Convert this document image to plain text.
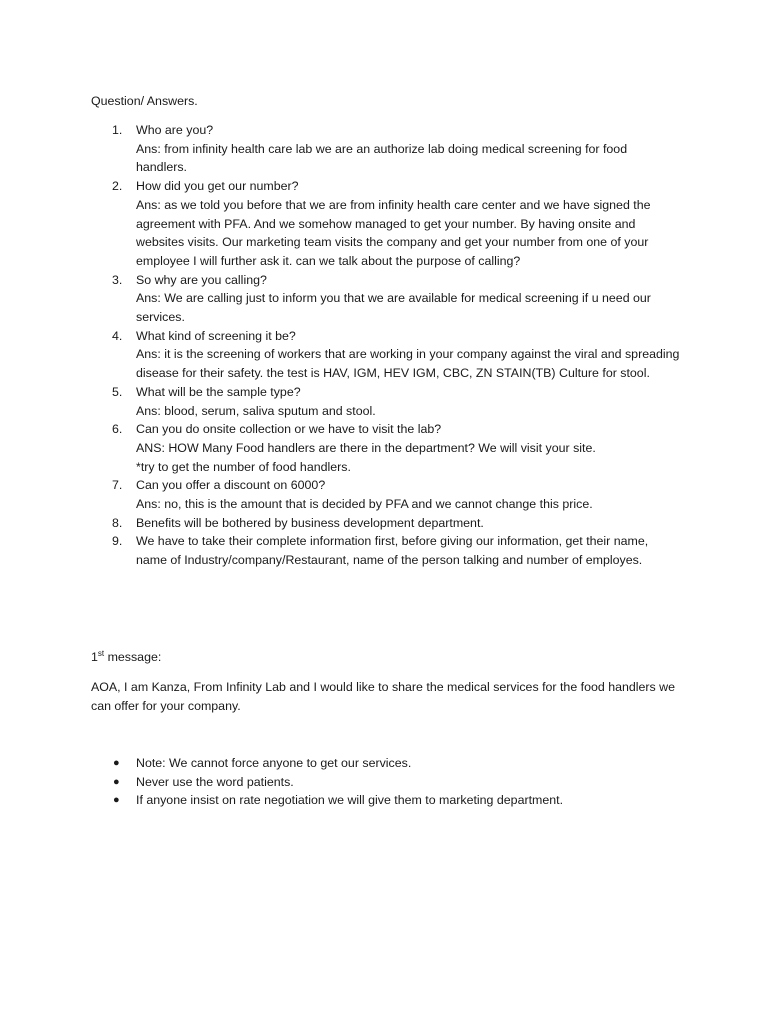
Question/ Answers.
1. Who are you?

Ans: from infinity health care lab we are an authorize lab doing medical screening for food handlers.

2. How did you get our number?

Ans: as we told you before that we are from infinity health care center and we have signed the agreement with PFA. And we somehow managed to get your number. By having onsite and websites visits. Our marketing team visits the company and get your number from one of your employee I will further ask it. can we talk about the purpose of calling?

3. So why are you calling?

Ans: We are calling just to inform you that we are available for medical screening if u need our services.

4. What kind of screening it be?

Ans: it is the screening of workers that are working in your company against the viral and spreading disease for their safety. the test is HAV, IGM, HEV IGM, CBC, ZN STAIN(TB) Culture for stool.

5. What will be the sample type?

Ans: blood, serum, saliva sputum and stool.

6. Can you do onsite collection or we have to visit the lab?

ANS: HOW Many Food handlers are there in the department? We will visit your site.

*try to get the number of food handlers.

7. Can you offer a discount on 6000?

Ans: no, this is the amount that is decided by PFA and we cannot change this price.

8. Benefits will be bothered by business development department.

9. We have to take their complete information first, before giving our information, get their name, name of Industry/company/Restaurant, name of the person talking and number of employes.

1st message:

AOA, I am Kanza, From Infinity Lab and I would like to share the medical services for the food handlers we can offer for your company.

● Note: We cannot force anyone to get our services.
● Never use the word patients.
● If anyone insist on rate negotiation we will give them to marketing department.
